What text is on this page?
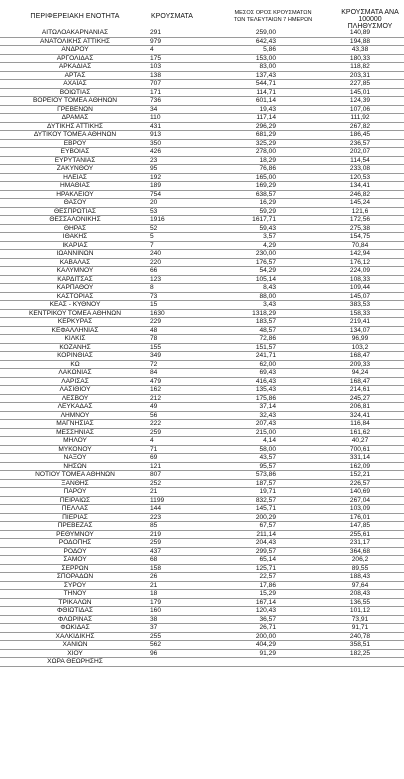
ΠΕΡΙΦΕΡΕΙΑΚΗ ΕΝΟΤΗΤΑ	ΚΡΟΥΣΜΑΤΑ	ΜΕΣΟΣ ΟΡΟΣ ΚΡΟΥΣΜΑΤΩΝ
ΤΩΝ ΤΕΛΕΥΤΑΙΩΝ 7 ΗΜΕΡΩΝ
ΚΡΟΥΣΜΑΤΑ ΑΝΑ 100000
ΠΛΗΘΥΣΜΟΥ
ΑΙΤΩΛΟΑΚΑΡΝΑΝΙΑΣ	291	259,00	140,89
ΑΝΑΤΟΛΙΚΗΣ ΑΤΤΙΚΗΣ	979	642,43	194,88
ΑΝΔΡΟΥ	4	5,86	43,38
ΑΡΓΟΛΙΔΑΣ	175	153,00	180,33
ΑΡΚΑΔΙΑΣ	103	83,00	118,82
ΑΡΤΑΣ	138	137,43	203,31
ΑΧΑΪΑΣ	707	544,71	227,85
ΒΟΙΩΤΙΑΣ	171	114,71	145,01
ΒΟΡΕΙΟΥ ΤΟΜΕΑ ΑΘΗΝΩΝ	736	601,14	124,39
ΓΡΕΒΕΝΩΝ	34	19,43	107,06
ΔΡΑΜΑΣ	110	117,14	111,92
ΔΥΤΙΚΗΣ ΑΤΤΙΚΗΣ	431	296,29	267,82
ΔΥΤΙΚΟΥ ΤΟΜΕΑ ΑΘΗΝΩΝ	913	681,29	186,45
ΕΒΡΟΥ	350	325,29	236,57
ΕΥΒΟΙΑΣ	426	278,00	202,07
ΕΥΡΥΤΑΝΙΑΣ	23	18,29	114,54
ΖΑΚΥΝΘΟΥ	95	76,86	233,08
ΗΛΕΙΑΣ	192	165,00	120,53
ΗΜΑΘΙΑΣ	189	169,29	134,41
ΗΡΑΚΛΕΙΟΥ	754	638,57	246,82
ΘΑΣΟΥ	20	16,29	145,24
ΘΕΣΠΡΩΤΙΑΣ	53	59,29	121,6
ΘΕΣΣΑΛΟΝΙΚΗΣ	1916	1617,71	172,56
ΘΗΡΑΣ	52	59,43	275,38
ΙΘΑΚΗΣ	5	3,57	154,75
ΙΚΑΡΙΑΣ	7	4,29	70,84
ΙΩΑΝΝΙΝΩΝ	240	230,00	142,94
ΚΑΒΑΛΑΣ	220	176,57	176,12
ΚΑΛΥΜΝΟΥ	66	54,29	224,09
ΚΑΡΔΙΤΣΑΣ	123	105,14	108,33
ΚΑΡΠΑΘΟΥ	8	8,43	109,44
ΚΑΣΤΟΡΙΑΣ	73	88,00	145,07
ΚΕΑΣ - ΚΥΘΝΟΥ	15	3,43	383,53
ΚΕΝΤΡΙΚΟΥ ΤΟΜΕΑ ΑΘΗΝΩΝ	1630	1318,29	158,33
ΚΕΡΚΥΡΑΣ	229	183,57	219,41
ΚΕΦΑΛΛΗΝΙΑΣ	48	48,57	134,07
ΚΙΛΚΙΣ	78	72,86	96,99
ΚΟΖΑΝΗΣ	155	151,57	103,2
ΚΟΡΙΝΘΙΑΣ	349	241,71	168,47
ΚΩ	72	62,00	209,33
ΛΑΚΩΝΙΑΣ	84	69,43	94,24
ΛΑΡΙΣΑΣ	479	416,43	168,47
ΛΑΣΙΘΙΟΥ	162	135,43	214,61
ΛΕΣΒΟΥ	212	175,86	245,27
ΛΕΥΚΑΔΑΣ	49	37,14	206,81
ΛΗΜΝΟΥ	56	32,43	324,41
ΜΑΓΝΗΣΙΑΣ	222	207,43	116,84
ΜΕΣΣΗΝΙΑΣ	259	215,00	161,62
ΜΗΛΟΥ	4	4,14	40,27
ΜΥΚΟΝΟΥ	71	58,00	700,61
ΝΑΞΟΥ	69	43,57	331,14
ΝΗΣΩΝ	121	95,57	162,09
ΝΟΤΙΟΥ ΤΟΜΕΑ ΑΘΗΝΩΝ	807	573,86	152,21
ΞΑΝΘΗΣ	252	187,57	226,57
ΠΑΡΟΥ	21	19,71	140,69
ΠΕΙΡΑΙΩΣ	1199	832,57	267,04
ΠΕΛΛΑΣ	144	145,71	103,09
ΠΙΕΡΙΑΣ	223	200,29	176,01
ΠΡΕΒΕΖΑΣ	85	67,57	147,85
ΡΕΘΥΜΝΟΥ	219	211,14	255,61
ΡΟΔΟΠΗΣ	259	204,43	231,17
ΡΟΔΟΥ	437	299,57	364,68
ΣΑΜΟΥ	68	65,14	206,2
ΣΕΡΡΩΝ	158	125,71	89,55
ΣΠΟΡΑΔΩΝ	26	22,57	188,43
ΣΥΡΟΥ	21	17,86	97,64
ΤΗΝΟΥ	18	15,29	208,43
ΤΡΙΚΑΛΩΝ	179	167,14	136,55
ΦΘΙΩΤΙΔΑΣ	160	120,43	101,12
ΦΛΩΡΙΝΑΣ	38	36,57	73,91
ΦΩΚΙΔΑΣ	37	26,71	91,71
ΧΑΛΚΙΔΙΚΗΣ	255	200,00	240,78
ΧΑΝΙΩΝ	562	404,29	358,51
ΧΙΟΥ	96	91,29	182,25
ΧΩΡΑ ΘΕΩΡΗΣΗΣ
